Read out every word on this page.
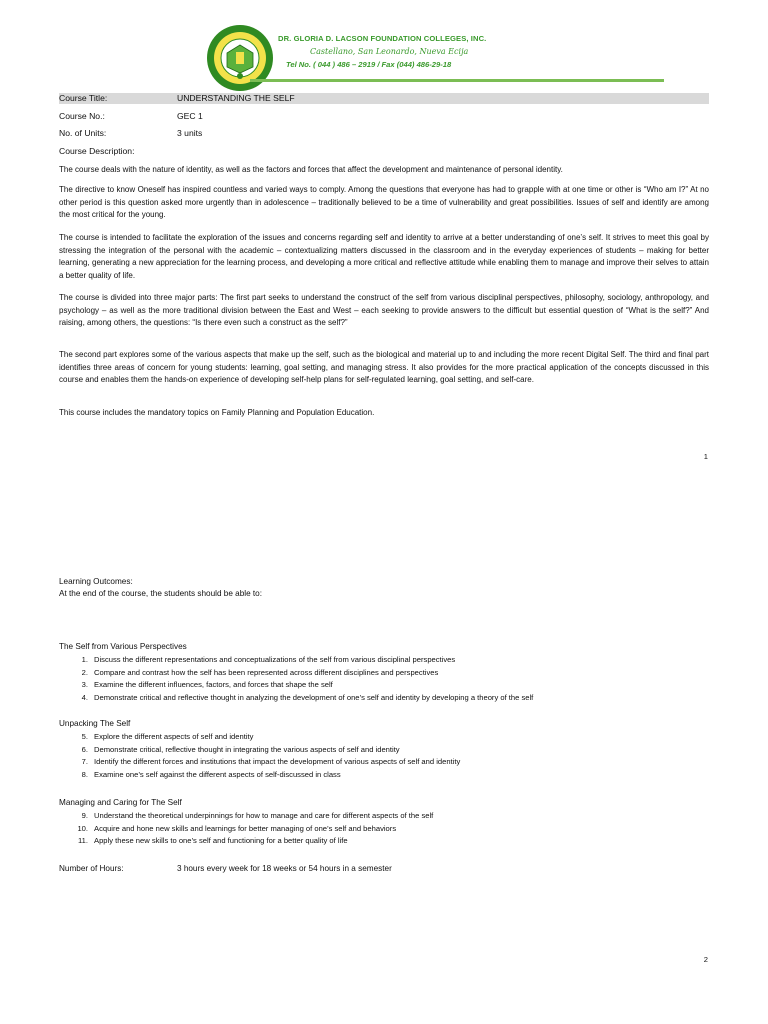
DR. GLORIA D. LACSON FOUNDATION COLLEGES, INC.
Castellano, San Leonardo, Nueva Ecija
Tel No. ( 044 ) 486 – 2919 / Fax (044) 486-29-18
Course Title:	UNDERSTANDING THE SELF
Course No.:	GEC 1
No. of Units:	3 units
Course Description:
The course deals with the nature of identity, as well as the factors and forces that affect the development and maintenance of personal identity.
The directive to know Oneself has inspired countless and varied ways to comply. Among the questions that everyone has had to grapple with at one time or other is “Who am I?” At no other period is this question asked more urgently than in adolescence – traditionally believed to be a time of vulnerability and great possibilities. Issues of self and identify are among the most critical for the young.
The course is intended to facilitate the exploration of the issues and concerns regarding self and identity to arrive at a better understanding of one’s self. It strives to meet this goal by stressing the integration of the personal with the academic – contextualizing matters discussed in the classroom and in the everyday experiences of students – making for better learning, generating a new appreciation for the learning process, and developing a more critical and reflective attitude while enabling them to manage and improve their selves to attain a better quality of life.
The course is divided into three major parts: The first part seeks to understand the construct of the self from various disciplinal perspectives, philosophy, sociology, anthropology, and psychology – as well as the more traditional division between the East and West – each seeking to provide answers to the difficult but essential question of “What is the self?” And raising, among others, the questions: “Is there even such a construct as the self?”
The second part explores some of the various aspects that make up the self, such as the biological and material up to and including the more recent Digital Self. The third and final part identifies three areas of concern for young students: learning, goal setting, and managing stress. It also provides for the more practical application of the concepts discussed in this course and enables them the hands-on experience of developing self-help plans for self-regulated learning, goal setting, and self-care.
This course includes the mandatory topics on Family Planning and Population Education.
1
Learning Outcomes:
At the end of the course, the students should be able to:
The Self from Various Perspectives
1. Discuss the different representations and conceptualizations of the self from various disciplinal perspectives
2. Compare and contrast how the self has been represented across different disciplines and perspectives
3. Examine the different influences, factors, and forces that shape the self
4. Demonstrate critical and reflective thought in analyzing the development of one’s self and identity by developing a theory of the self
Unpacking The Self
5. Explore the different aspects of self and identity
6. Demonstrate critical, reflective thought in integrating the various aspects of self and identity
7. Identify the different forces and institutions that impact the development of various aspects of self and identity
8. Examine one’s self against the different aspects of self-discussed in class
Managing and Caring for The Self
9. Understand the theoretical underpinnings for how to manage and care for different aspects of the self
10. Acquire and hone new skills and learnings for better managing of one’s self and behaviors
11. Apply these new skills to one’s self and functioning for a better quality of life
Number of Hours:	3 hours every week for 18 weeks or 54 hours in a semester
2
